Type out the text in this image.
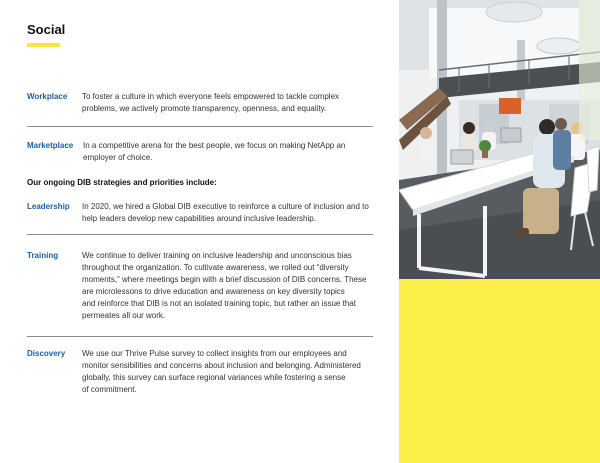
Social
Workplace To foster a culture in which everyone feels empowered to tackle complex
problems, we actively promote transparency, openness, and equality.
Marketplace In a competitive arena for the best people, we focus on making NetApp an
employer of choice.
Our ongoing DIB strategies and priorities include:
Leadership In 2020, we hired a Global DIB executive to reinforce a culture of inclusion and to
help leaders develop new capabilities around inclusive leadership.
Training	We continue to deliver training on inclusive leadership and unconscious bias
throughout the organization. To cultivate awareness, we rolled out “diversity
moments,” where meetings begin with a brief discussion of DIB concerns. These
are microlessons to drive education and awareness on key diversity topics
and reinforce that DIB is not an isolated training topic, but rather an issue that
permeates all our work.
Discovery We use our Thrive Pulse survey to collect insights from our employees and
monitor sensibilities and concerns about inclusion and belonging. Administered
globally, this survey can surface regional variances while fostering a sense
of commitment.
